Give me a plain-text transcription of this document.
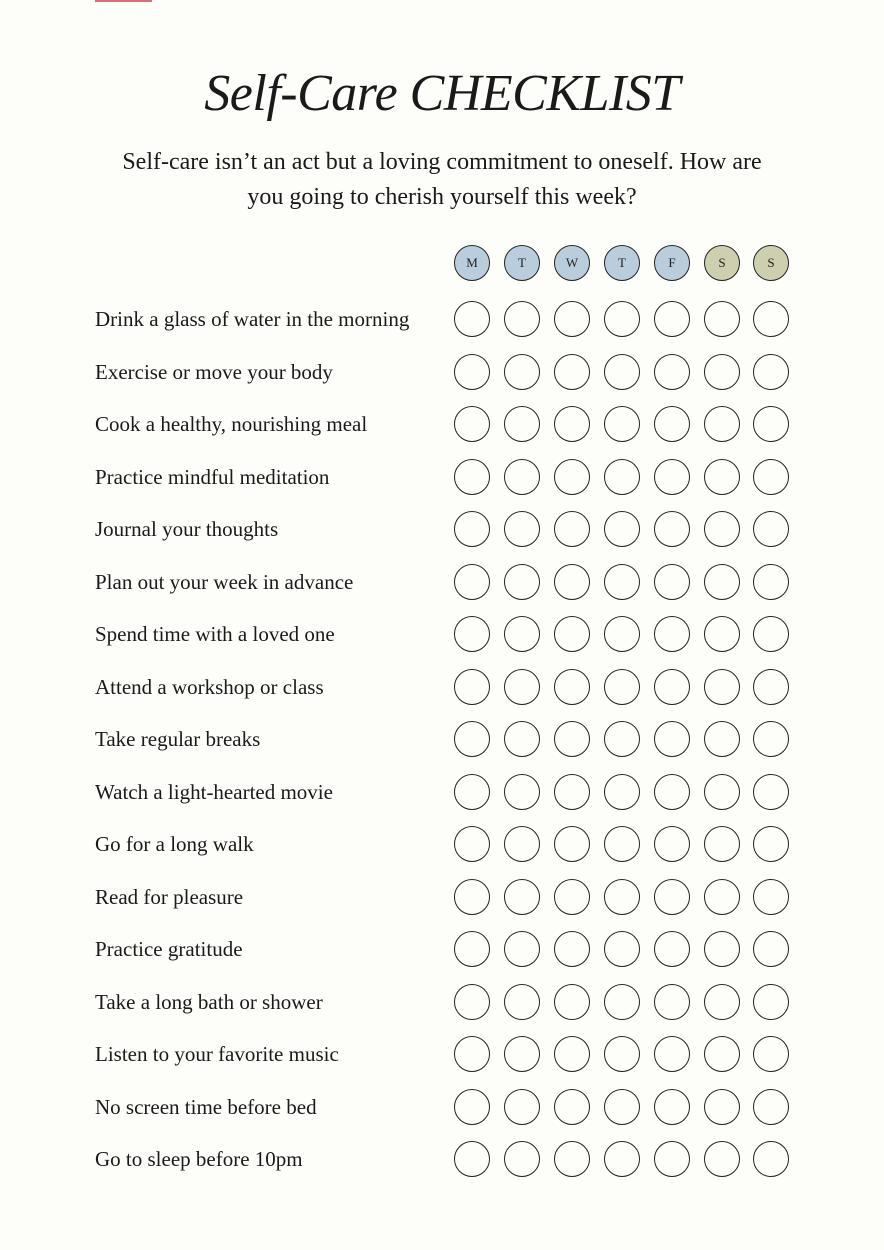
Self-Care CHECKLIST
Self-care isn’t an act but a loving commitment to oneself. How are you going to cherish yourself this week?
M	T	W	T	F	S	S
Drink a glass of water in the morning
Exercise or move your body
Cook a healthy, nourishing meal
Practice mindful meditation
Journal your thoughts
Plan out your week in advance
Spend time with a loved one
Attend a workshop or class
Take regular breaks
Watch a light-hearted movie
Go for a long walk
Read for pleasure
Practice gratitude
Take a long bath or shower
Listen to your favorite music
No screen time before bed
Go to sleep before 10pm
